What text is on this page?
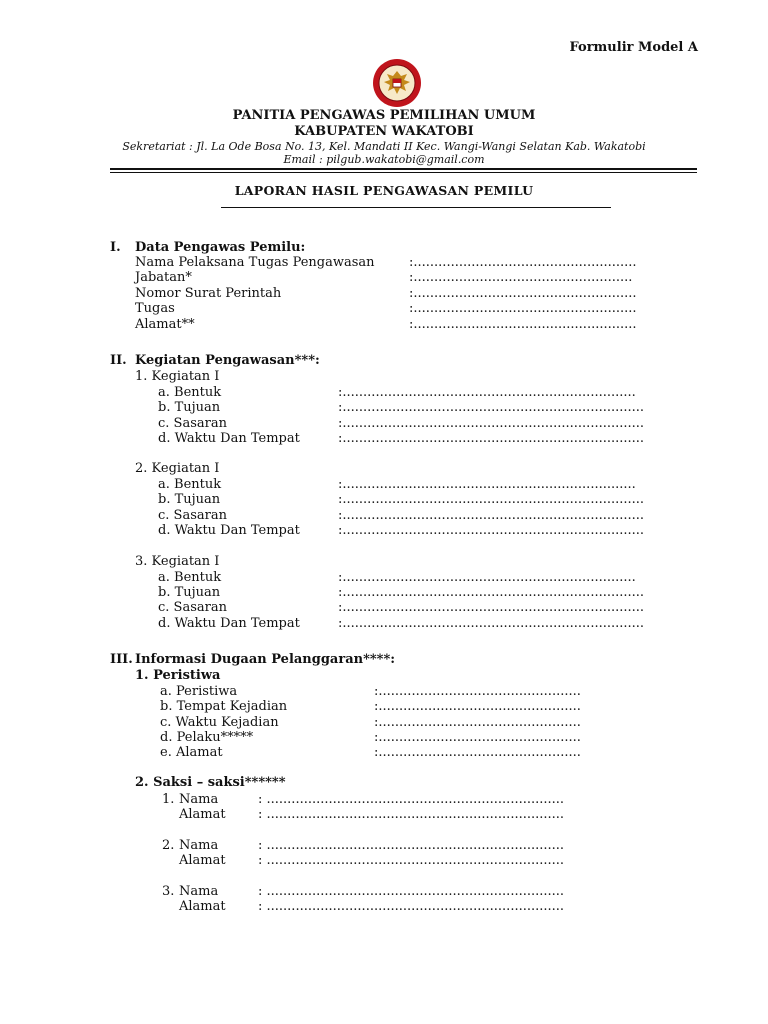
Formulir Model A
PANITIA PENGAWAS PEMILIHAN UMUM
KABUPATEN WAKATOBI
Sekretariat : Jl. La Ode Bosa No. 13, Kel. Mandati II Kec. Wangi-Wangi Selatan Kab. Wakatobi
Email : pilgub.wakatobi@gmail.com
LAPORAN HASIL PENGAWASAN PEMILU
I. Data Pengawas Pemilu:
Nama Pelaksana Tugas Pengawasan	:......................................................
Jabatan*	:.....................................................
Nomor Surat Perintah	:......................................................
Tugas	:......................................................
Alamat**	:......................................................
II. Kegiatan Pengawasan***:
1. Kegiatan I
a. Bentuk	:.......................................................................
b. Tujuan	:.........................................................................
c. Sasaran	:.........................................................................
d. Waktu Dan Tempat	:.........................................................................
2. Kegiatan I
a. Bentuk	:.......................................................................
b. Tujuan	:.........................................................................
c. Sasaran	:.........................................................................
d. Waktu Dan Tempat	:.........................................................................
3. Kegiatan I
a. Bentuk	:.......................................................................
b. Tujuan	:.........................................................................
c. Sasaran	:.........................................................................
d. Waktu Dan Tempat	:.........................................................................
III. Informasi Dugaan Pelanggaran****:
1. Peristiwa
a. Peristiwa	:.................................................
b. Tempat Kejadian	:.................................................
c. Waktu Kejadian	:.................................................
d. Pelaku*****	:.................................................
e. Alamat	:.................................................
2. Saksi – saksi******
1. Nama	: ........................................................................
Alamat : ........................................................................
2. Nama	: ........................................................................
Alamat : ........................................................................
3. Nama	: ........................................................................
Alamat : ........................................................................
